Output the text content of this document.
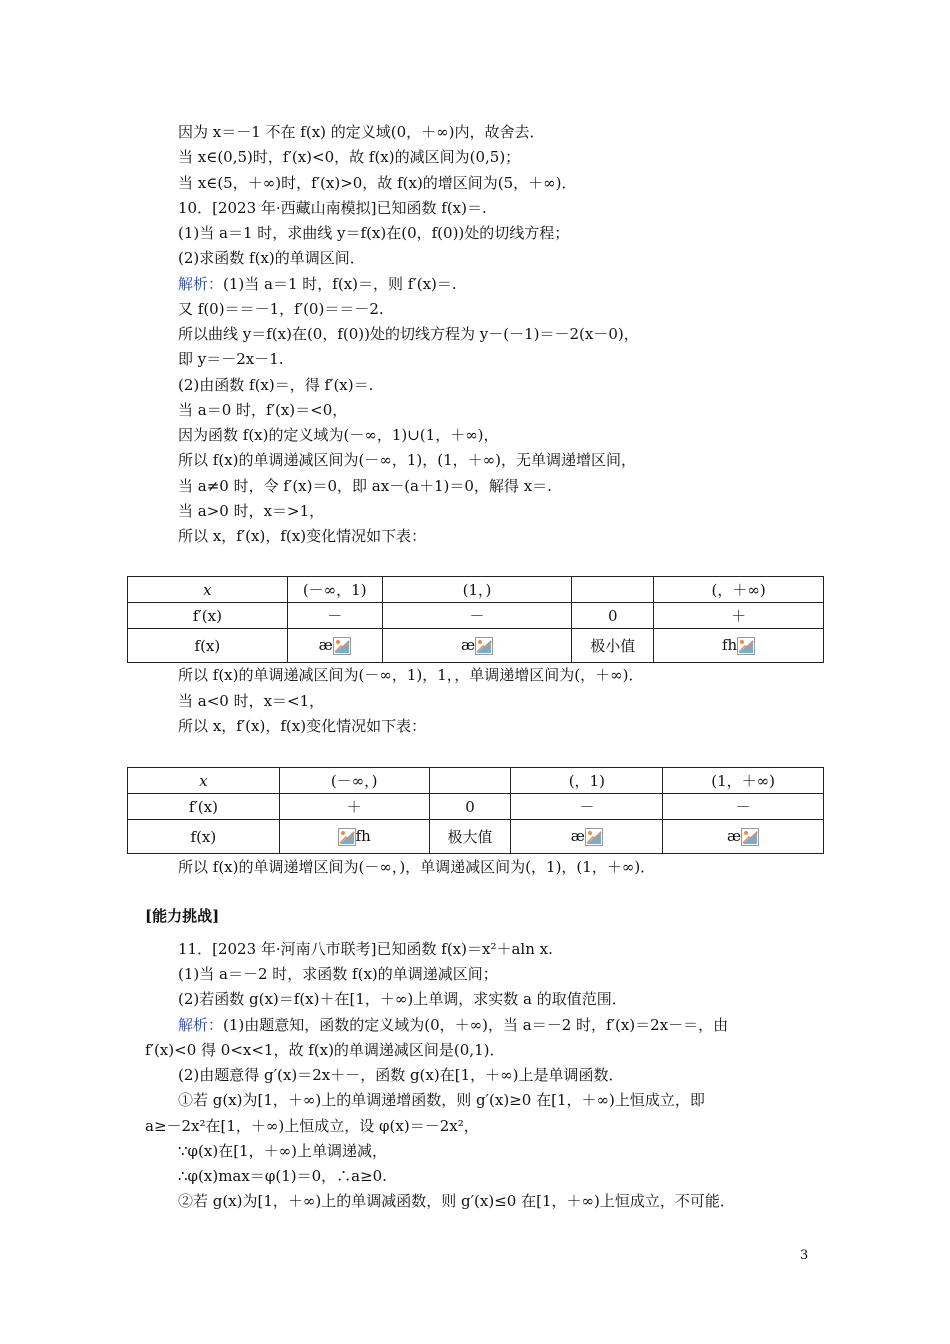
因为 x＝－1 不在 f(x) 的定义域(0，＋∞)内，故舍去．
当 x∈(0,5)时，f′(x)<0，故 f(x)的减区间为(0,5)；
当 x∈(5，＋∞)时，f′(x)>0，故 f(x)的增区间为(5，＋∞)．
10．[2023 年·西藏山南模拟]已知函数 f(x)＝.
(1)当 a＝1 时，求曲线 y＝f(x)在(0，f(0))处的切线方程；
(2)求函数 f(x)的单调区间．
解析：(1)当 a＝1 时，f(x)＝，则 f′(x)＝.
又 f(0)＝＝－1，f′(0)＝＝－2.
所以曲线 y＝f(x)在(0，f(0))处的切线方程为 y－(－1)＝－2(x－0)，
即 y＝－2x－1.
(2)由函数 f(x)＝，得 f′(x)＝.
当 a＝0 时，f′(x)＝<0，
因为函数 f(x)的定义域为(－∞，1)∪(1，＋∞)，
所以 f(x)的单调递减区间为(－∞，1)，(1，＋∞)，无单调递增区间，
当 a≠0 时，令 f′(x)＝0，即 ax－(a＋1)＝0，解得 x＝.
当 a>0 时，x＝>1，
所以 x，f′(x)，f(x)变化情况如下表：
x	(－∞，1)	(1，)		(，＋∞)
f′(x)	－	－	0	＋
f(x)	æ	æ	极小值	fh
所以 f(x)的单调递减区间为(－∞，1)，1，，单调递增区间为(，＋∞)．
当 a<0 时，x＝<1，
所以 x，f′(x)，f(x)变化情况如下表：
x	(－∞，)		(，1)	(1，＋∞)
f′(x)	＋	0	－	－
f(x)	fh	极大值	æ	æ
所以 f(x)的单调递增区间为(－∞，)，单调递减区间为(，1)，(1，＋∞)．
[能力挑战]
11．[2023 年·河南八市联考]已知函数 f(x)＝x²＋aln x.
(1)当 a＝－2 时，求函数 f(x)的单调递减区间；
(2)若函数 g(x)＝f(x)＋在[1，＋∞)上单调，求实数 a 的取值范围．
解析：(1)由题意知，函数的定义域为(0，＋∞)，当 a＝－2 时，f′(x)＝2x－＝，由
f′(x)<0 得 0<x<1，故 f(x)的单调递减区间是(0,1)．
(2)由题意得 g′(x)＝2x＋－，函数 g(x)在[1，＋∞)上是单调函数．
①若 g(x)为[1，＋∞)上的单调递增函数，则 g′(x)≥0 在[1，＋∞)上恒成立，即
a≥－2x²在[1，＋∞)上恒成立，设 φ(x)＝－2x²，
∵φ(x)在[1，＋∞)上单调递减，
∴φ(x)max＝φ(1)＝0，∴a≥0.
②若 g(x)为[1，＋∞)上的单调减函数，则 g′(x)≤0 在[1，＋∞)上恒成立，不可能．
3
